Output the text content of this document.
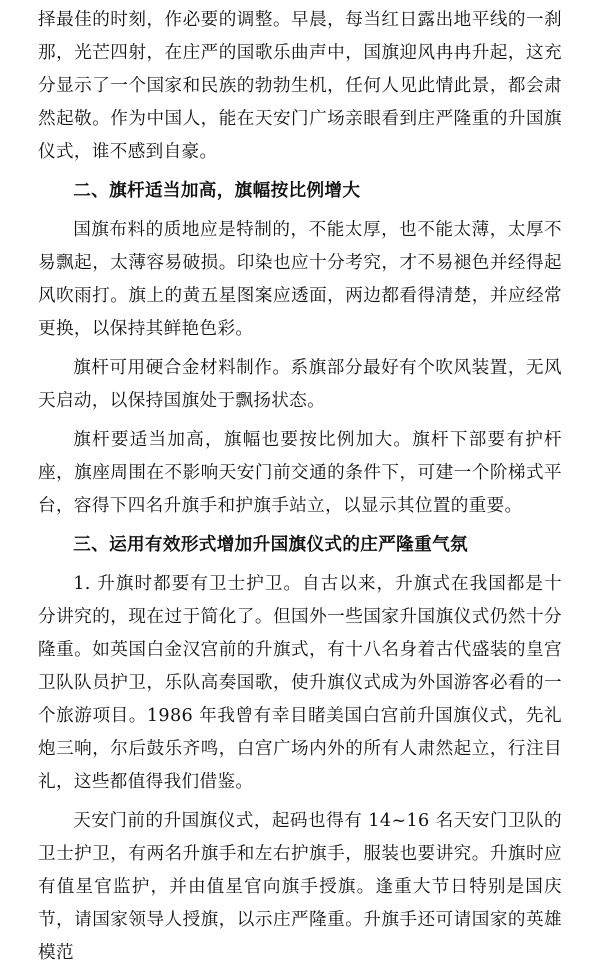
择最佳的时刻，作必要的调整。早晨，每当红日露出地平线的一刹那，光芒四射，在庄严的国歌乐曲声中，国旗迎风冉冉升起，这充分显示了一个国家和民族的勃勃生机，任何人见此情此景，都会肃然起敬。作为中国人，能在天安门广场亲眼看到庄严隆重的升国旗仪式，谁不感到自豪。

二、旗杆适当加高，旗幅按比例增大

国旗布料的质地应是特制的，不能太厚，也不能太薄，太厚不易飘起，太薄容易破损。印染也应十分考究，才不易褪色并经得起风吹雨打。旗上的黄五星图案应透面，两边都看得清楚，并应经常更换，以保持其鲜艳色彩。

旗杆可用硬合金材料制作。系旗部分最好有个吹风装置，无风天启动，以保持国旗处于飘扬状态。

旗杆要适当加高，旗幅也要按比例加大。旗杆下部要有护杆座，旗座周围在不影响天安门前交通的条件下，可建一个阶梯式平台，容得下四名升旗手和护旗手站立，以显示其位置的重要。

三、运用有效形式增加升国旗仪式的庄严隆重气氛

1. 升旗时都要有卫士护卫。自古以来，升旗式在我国都是十分讲究的，现在过于简化了。但国外一些国家升国旗仪式仍然十分隆重。如英国白金汉宫前的升旗式，有十八名身着古代盛装的皇宫卫队队员护卫，乐队高奏国歌，使升旗仪式成为外国游客必看的一个旅游项目。1986 年我曾有幸目睹美国白宫前升国旗仪式，先礼炮三响，尔后鼓乐齐鸣，白宫广场内外的所有人肃然起立，行注目礼，这些都值得我们借鉴。

天安门前的升国旗仪式，起码也得有 14~16 名天安门卫队的卫士护卫，有两名升旗手和左右护旗手，服装也要讲究。升旗时应有值星官监护，并由值星官向旗手授旗。逢重大节日特别是国庆节，请国家领导人授旗，以示庄严隆重。升旗手还可请国家的英雄模范
